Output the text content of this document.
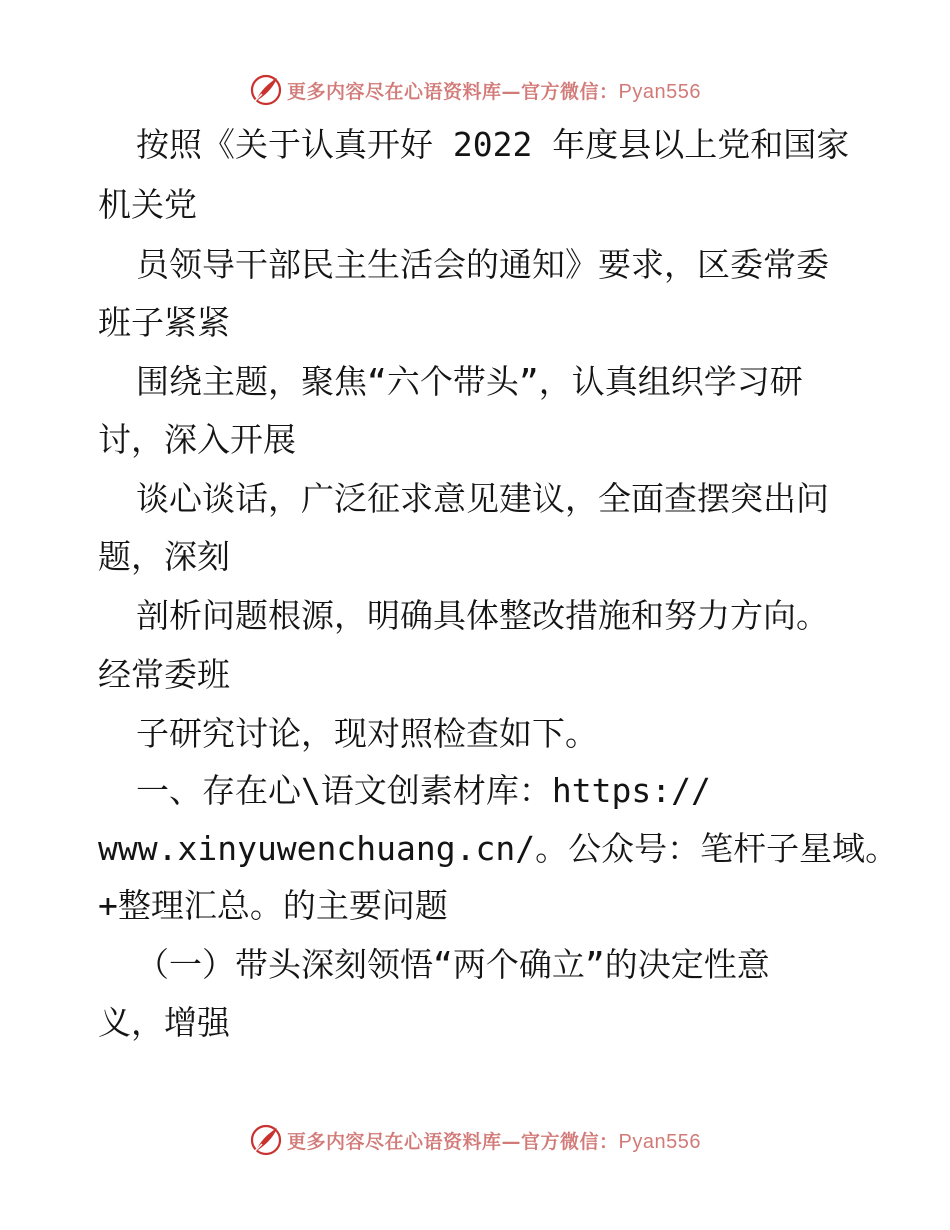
更多内容尽在心语资料库—官方微信：Pyan556
按照《关于认真开好 2022 年度县以上党和国家
机关党
员领导干部民主生活会的通知》要求，区委常委
班子紧紧
围绕主题，聚焦“六个带头”，认真组织学习研
讨，深入开展
谈心谈话，广泛征求意见建议，全面查摆突出问
题，深刻
剖析问题根源，明确具体整改措施和努力方向。
经常委班
子研究讨论，现对照检查如下。
一、存在心\语文创素材库：https://
www.xinyuwenchuang.cn/。公众号：笔杆子星域。
+整理汇总。的主要问题
（一）带头深刻领悟“两个确立”的决定性意
义，增强
更多内容尽在心语资料库—官方微信：Pyan556
